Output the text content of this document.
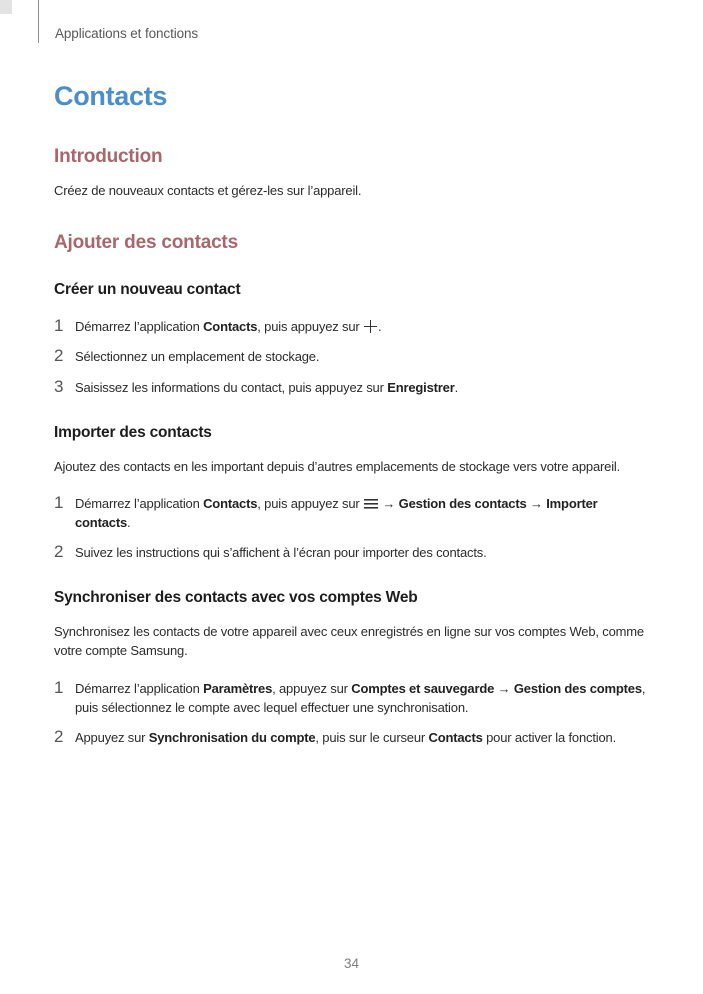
Applications et fonctions
Contacts
Introduction

Créez de nouveaux contacts et gérez-les sur l’appareil.

Ajouter des contacts
Créer un nouveau contact
1 Démarrez l’application Contacts, puis appuyez sur .
2 Sélectionnez un emplacement de stockage.
3 Saisissez les informations du contact, puis appuyez sur Enregistrer.
Importer des contacts

Ajoutez des contacts en les important depuis d’autres emplacements de stockage vers votre appareil.

1 Démarrez l’application Contacts, puis appuyez sur  → Gestion des contacts → Importer contacts.
2 Suivez les instructions qui s’affichent à l’écran pour importer des contacts.
Synchroniser des contacts avec vos comptes Web

Synchronisez les contacts de votre appareil avec ceux enregistrés en ligne sur vos comptes Web, comme votre compte Samsung.

1 Démarrez l’application Paramètres, appuyez sur Comptes et sauvegarde → Gestion des comptes, puis sélectionnez le compte avec lequel effectuer une synchronisation.
2 Appuyez sur Synchronisation du compte, puis sur le curseur Contacts pour activer la fonction.
34
